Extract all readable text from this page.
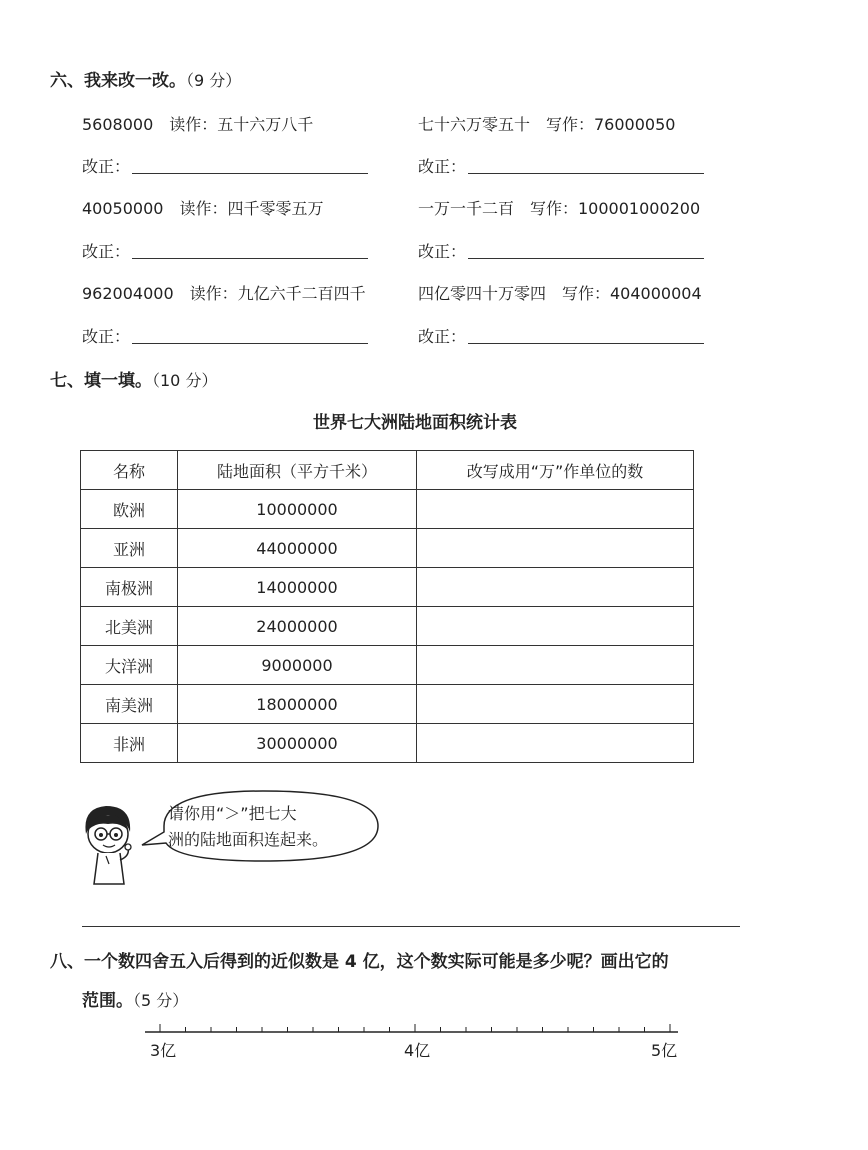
六、我来改一改。（9 分）
5608000　读作：五十六万八千	七十六万零五十　写作：76000050
改正：	改正：
40050000　读作：四千零零五万	一万一千二百　写作：100001000200
改正：	改正：
962004000　读作：九亿六千二百四千	四亿零四十万零四　写作：404000004
改正：	改正：
七、填一填。（10 分）
世界七大洲陆地面积统计表
名称	陆地面积（平方千米）	改写成用“万”作单位的数
欧洲	10000000	
亚洲	44000000	
南极洲	14000000	
北美洲	24000000	
大洋洲	9000000	
南美洲	18000000	
非洲	30000000	
请你用“＞”把七大
洲的陆地面积连起来。
八、一个数四舍五入后得到的近似数是 4 亿，这个数实际可能是多少呢？画出它的
范围。（5 分）
3亿	4亿	5亿
